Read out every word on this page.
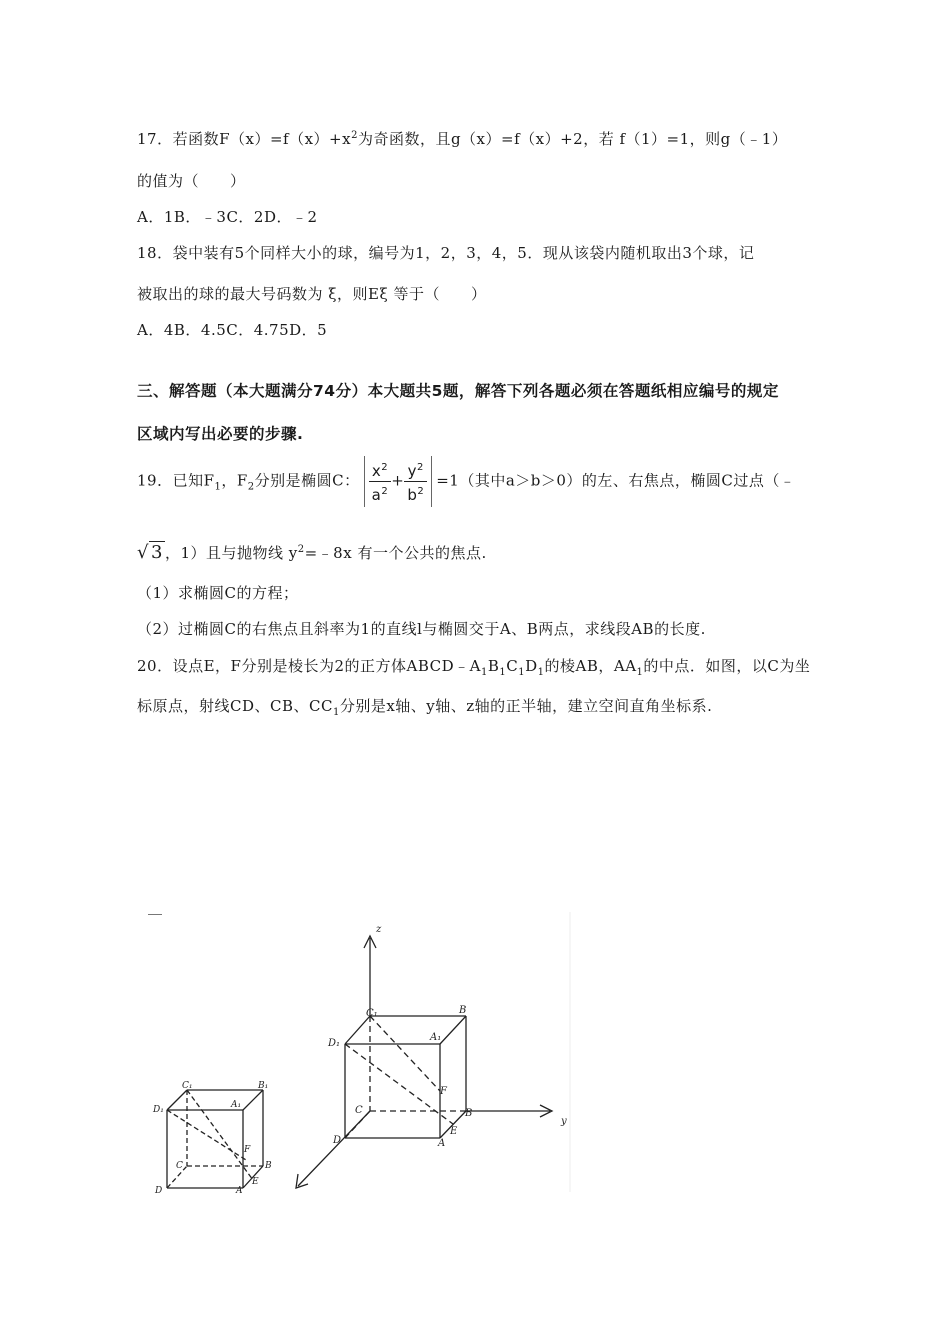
17．若函数$F(x)=f(x)+x^2$为奇函数，且g（x）=f（x）+2，若 f（1）=1，则g（﹣1）
的值为（　　）
A．1B．﹣3C．2D．﹣2
18．袋中装有5个同样大小的球，编号为1，2，3，4，5．现从该袋内随机取出3个球，记
被取出的球的最大号码数为 ξ，则Eξ 等于（　　）
A．4B．4.5C．4.75D．5
三、解答题（本大题满分74分）本大题共5题，解答下列各题必须在答题纸相应编号的规定
区域内写出必要的步骤.
19．已知$F_1$，$F_2$分别是椭圆C： $\frac{x^2}{a^2} + \frac{y^2}{b^2} =1$（其中a＞b＞0）的左、右焦点，椭圆C过点（﹣
√ 3 ，1）且与抛物线 $y^2=﹣8x$ 有一个公共的焦点.
（1）求椭圆C的方程；
（2）过椭圆C的右焦点且斜率为1的直线l与椭圆交于A、B两点，求线段AB的长度.
20．设点E，F分别是棱长为2的正方体$ABCD﹣A_1B_1C_1D_1$的棱AB，$AA_1$的中点．如图，以C为坐
标原点，射线CD、CB、$CC_1$分别是x轴、y轴、z轴的正半轴，建立空间直角坐标系.
C₁	B₁
D₁	A₁
C
F
B
D	A
E
z
C₁	B
D₁
A₁
F
C	B
y
D	A
E
